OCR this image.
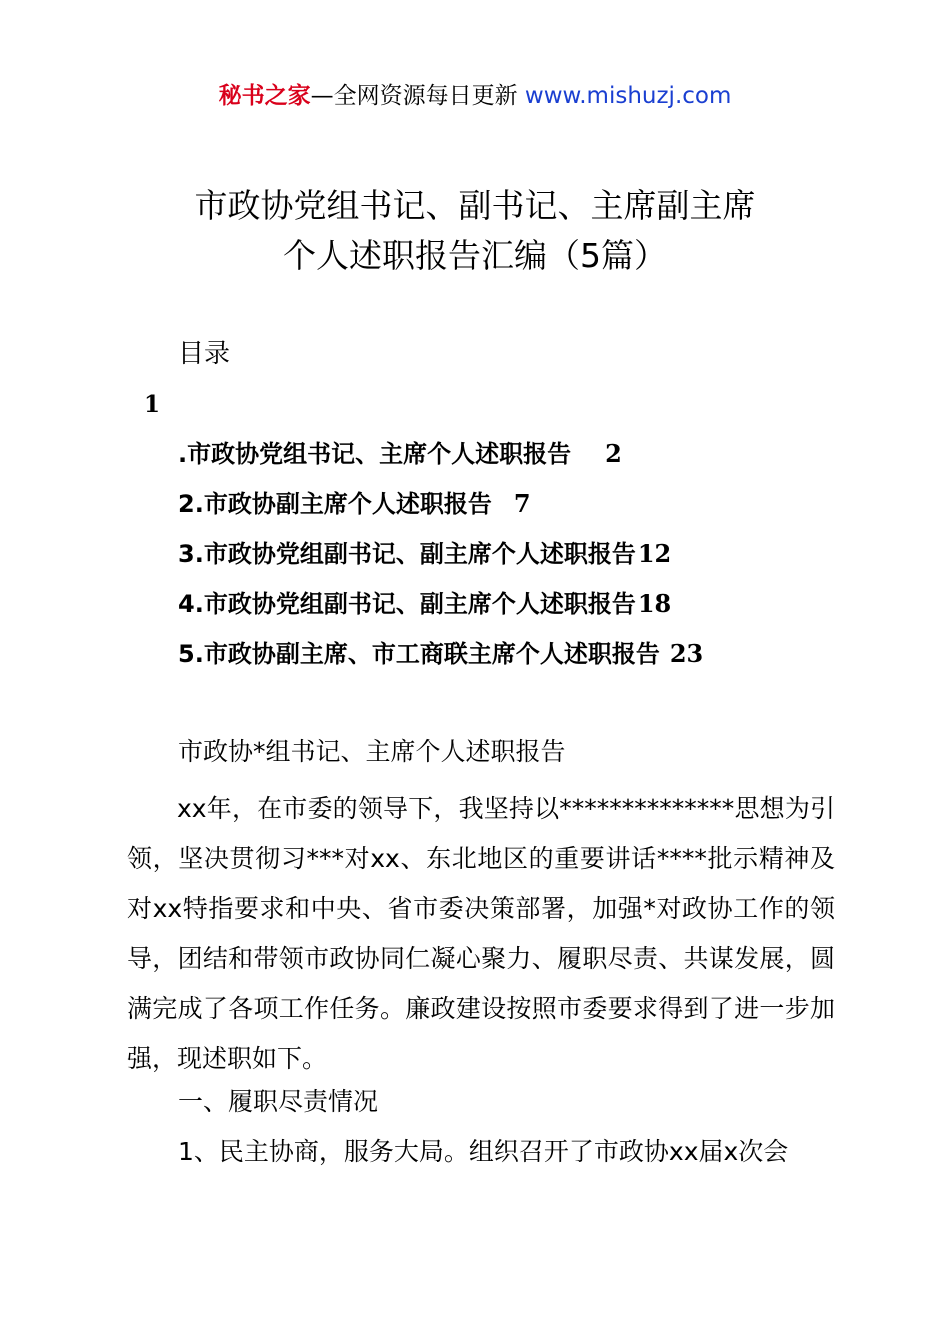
秘书之家—全网资源每日更新 www.mishuzj.com
市政协党组书记、副书记、主席副主席
个人述职报告汇编（5篇）
目录
1
.市政协党组书记、主席个人述职报告 2
2.市政协副主席个人述职报告 7
3.市政协党组副书记、副主席个人述职报告12
4.市政协党组副书记、副主席个人述职报告18
5.市政协副主席、市工商联主席个人述职报告 23
市政协*组书记、主席个人述职报告

xx年，在市委的领导下，我坚持以**************思想为引领，坚决贯彻习***对xx、东北地区的重要讲话****批示精神及对xx特指要求和中央、省市委决策部署，加强*对政协工作的领导，团结和带领市政协同仁凝心聚力、履职尽责、共谋发展，圆满完成了各项工作任务。廉政建设按照市委要求得到了进一步加强，现述职如下。

一、履职尽责情况
1、民主协商，服务大局。组织召开了市政协xx届x次会
